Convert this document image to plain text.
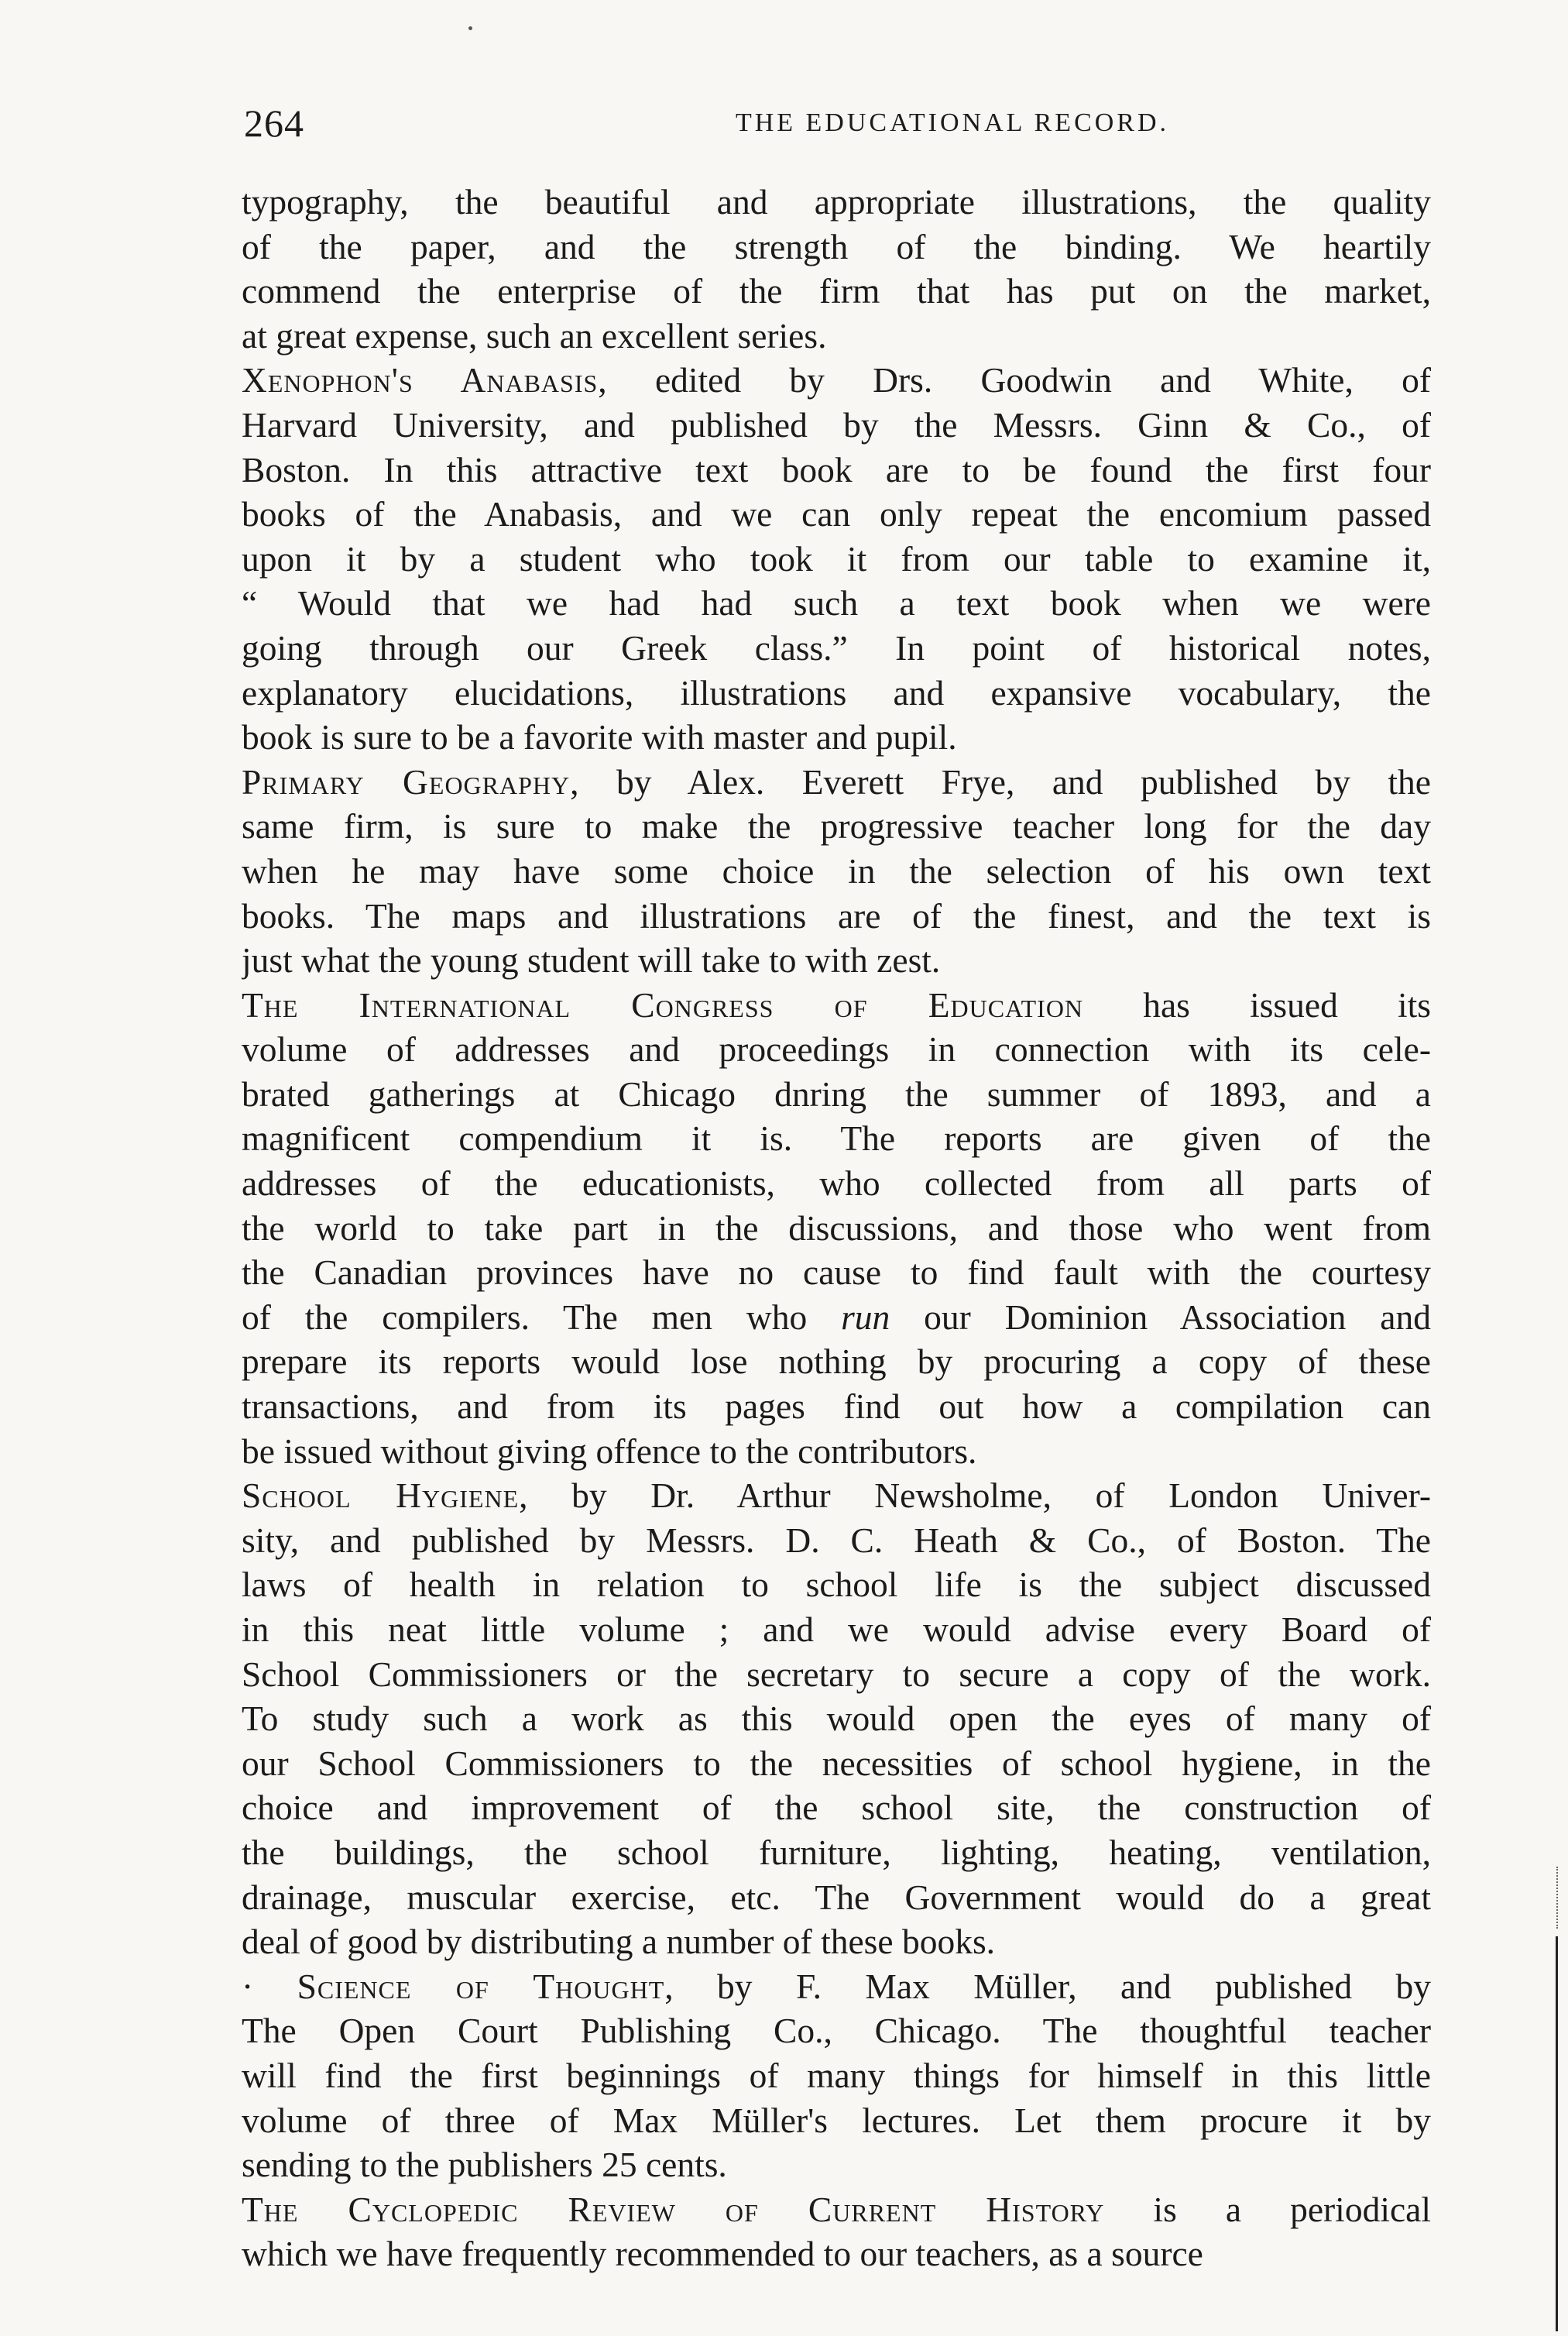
264	THE EDUCATIONAL RECORD.
typography, the beautiful and appropriate illustrations, the quality
of the paper, and the strength of the binding. We heartily
commend the enterprise of the firm that has put on the market,
at great expense, such an excellent series.
Xenophon's Anabasis, edited by Drs. Goodwin and White, of
Harvard University, and published by the Messrs. Ginn & Co., of
Boston. In this attractive text book are to be found the first four
books of the Anabasis, and we can only repeat the encomium passed
upon it by a student who took it from our table to examine it,
“ Would that we had had such a text book when we were
going through our Greek class.” In point of historical notes,
explanatory elucidations, illustrations and expansive vocabulary, the
book is sure to be a favorite with master and pupil.
Primary Geography, by Alex. Everett Frye, and published by the
same firm, is sure to make the progressive teacher long for the day
when he may have some choice in the selection of his own text
books. The maps and illustrations are of the finest, and the text is
just what the young student will take to with zest.
The International Congress of Education has issued its
volume of addresses and proceedings in connection with its cele-
brated gatherings at Chicago dnring the summer of 1893, and a
magnificent compendium it is. The reports are given of the
addresses of the educationists, who collected from all parts of
the world to take part in the discussions, and those who went from
the Canadian provinces have no cause to find fault with the courtesy
of the compilers. The men who run our Dominion Association and
prepare its reports would lose nothing by procuring a copy of these
transactions, and from its pages find out how a compilation can
be issued without giving offence to the contributors.
School Hygiene, by Dr. Arthur Newsholme, of London Univer-
sity, and published by Messrs. D. C. Heath & Co., of Boston. The
laws of health in relation to school life is the subject discussed
in this neat little volume ; and we would advise every Board of
School Commissioners or the secretary to secure a copy of the work.
To study such a work as this would open the eyes of many of
our School Commissioners to the necessities of school hygiene, in the
choice and improvement of the school site, the construction of
the buildings, the school furniture, lighting, heating, ventilation,
drainage, muscular exercise, etc. The Government would do a great
deal of good by distributing a number of these books.
· Science of Thought, by F. Max Müller, and published by
The Open Court Publishing Co., Chicago. The thoughtful teacher
will find the first beginnings of many things for himself in this little
volume of three of Max Müller's lectures. Let them procure it by
sending to the publishers 25 cents.
The Cyclopedic Review of Current History is a periodical
which we have frequently recommended to our teachers, as a source
